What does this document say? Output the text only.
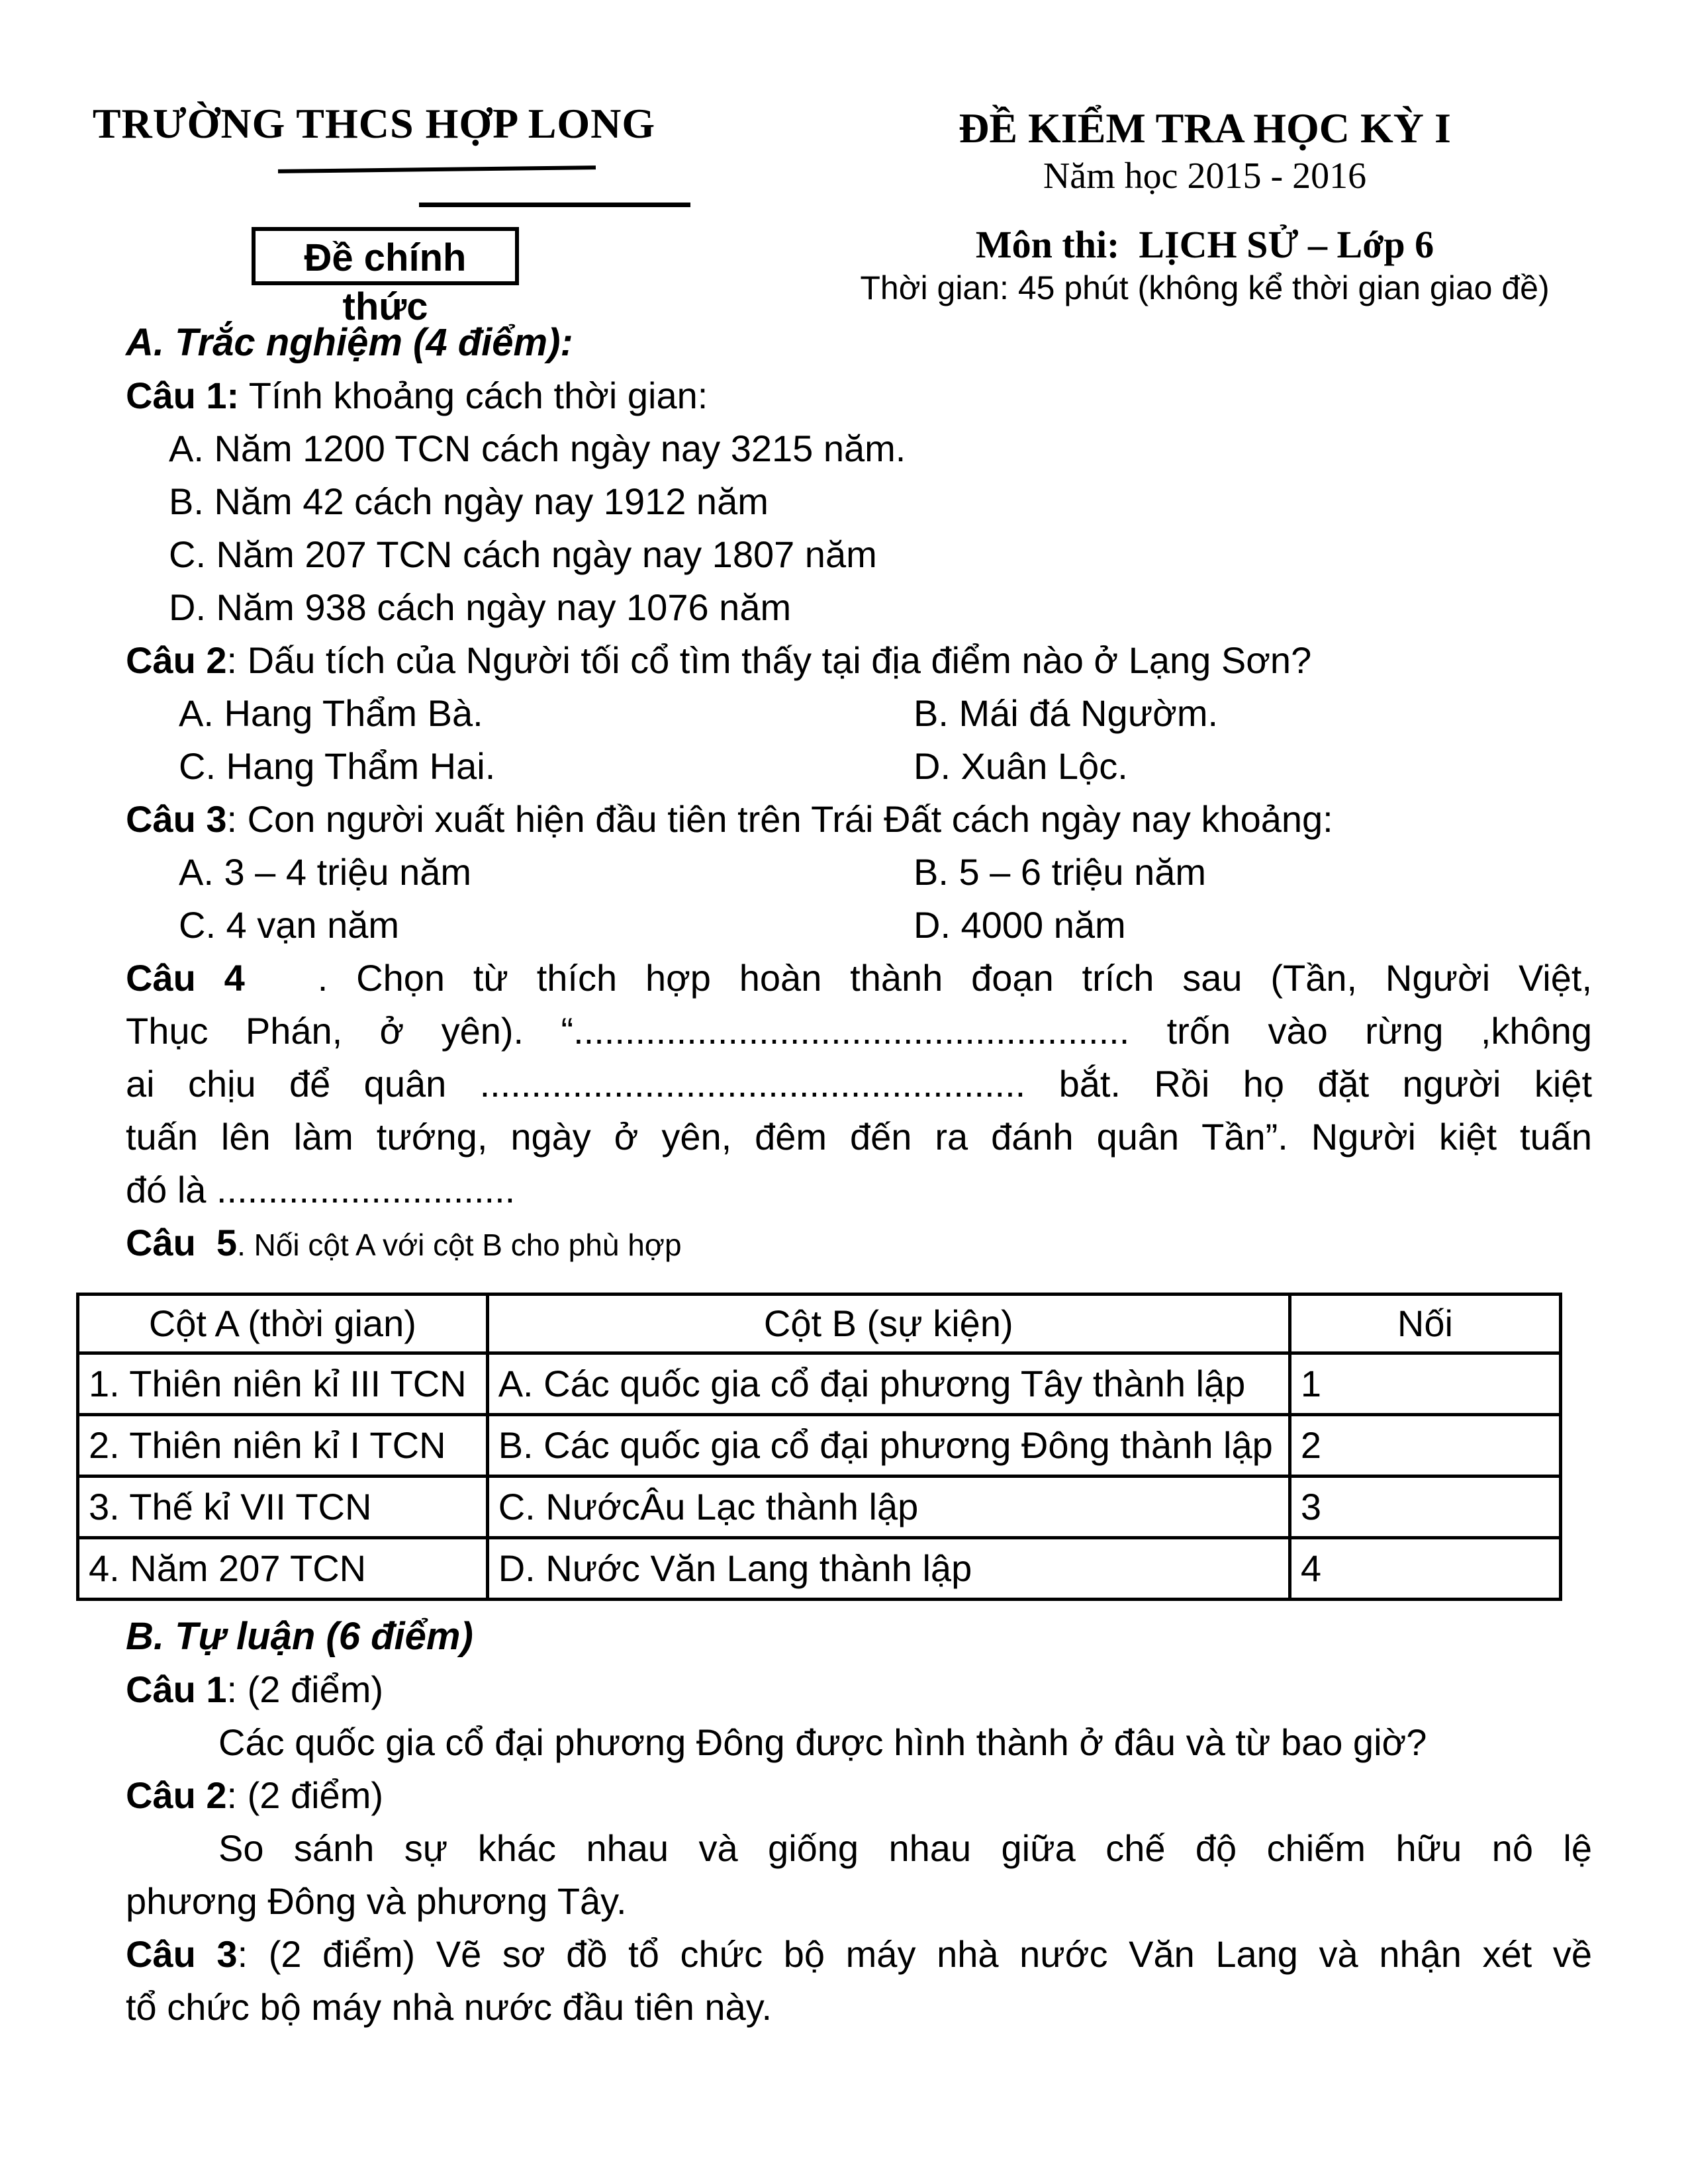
TRƯỜNG THCS HỢP LONG
Đề chính
thức
ĐỀ KIỂM TRA HỌC KỲ I
Năm học 2015 - 2016
Môn thi:  LỊCH SỬ – Lớp 6
Thời gian: 45 phút (không kể thời gian giao đề)
A. Trắc nghiệm (4 điểm):
Câu 1: Tính khoảng cách thời gian:
A. Năm 1200 TCN cách ngày nay 3215 năm.
B. Năm 42 cách ngày nay 1912 năm
C. Năm 207 TCN cách ngày nay 1807 năm
D. Năm 938 cách ngày nay 1076 năm
Câu 2: Dấu tích của Người tối cổ tìm thấy tại địa điểm nào ở Lạng Sơn?
A. Hang Thẩm Bà.	B. Mái đá Ngườm.
C. Hang Thẩm Hai.	D. Xuân Lộc.
Câu 3: Con người xuất hiện đầu tiên trên Trái Đất cách ngày nay khoảng:
A. 3 – 4 triệu năm	B. 5 – 6 triệu năm
C. 4 vạn năm	D. 4000 năm
Câu 4 . Chọn từ thích hợp hoàn thành đoạn trích sau (Tần, Người Việt,
Thục Phán, ở yên). “...................................................... trốn vào rừng ,không
ai chịu để quân ..................................................... bắt. Rồi họ đặt người kiệt
tuấn lên làm tướng, ngày ở yên, đêm đến ra đánh quân Tần”. Người kiệt tuấn
đó là .............................
Câu  5. Nối cột A với cột B cho phù hợp
Cột A (thời gian)	Cột B (sự kiện)	Nối
1. Thiên niên kỉ III TCN	A. Các quốc gia cổ đại phương Tây thành lập	1
2. Thiên niên kỉ I TCN	B. Các quốc gia cổ đại phương Đông thành lập	2
3. Thế kỉ VII TCN	C. NướcÂu Lạc thành lập	3
4. Năm 207 TCN	D. Nước Văn Lang thành lập	4
B. Tự luận (6 điểm)
Câu 1: (2 điểm)
Các quốc gia cổ đại phương Đông được hình thành ở đâu và từ bao giờ?
Câu 2: (2 điểm)
So sánh sự khác nhau và giống nhau giữa chế độ chiếm hữu nô lệ
phương Đông và phương Tây.
Câu 3: (2 điểm) Vẽ sơ đồ tổ chức bộ máy nhà nước Văn Lang và nhận xét về
tổ chức bộ máy nhà nước đầu tiên này.
